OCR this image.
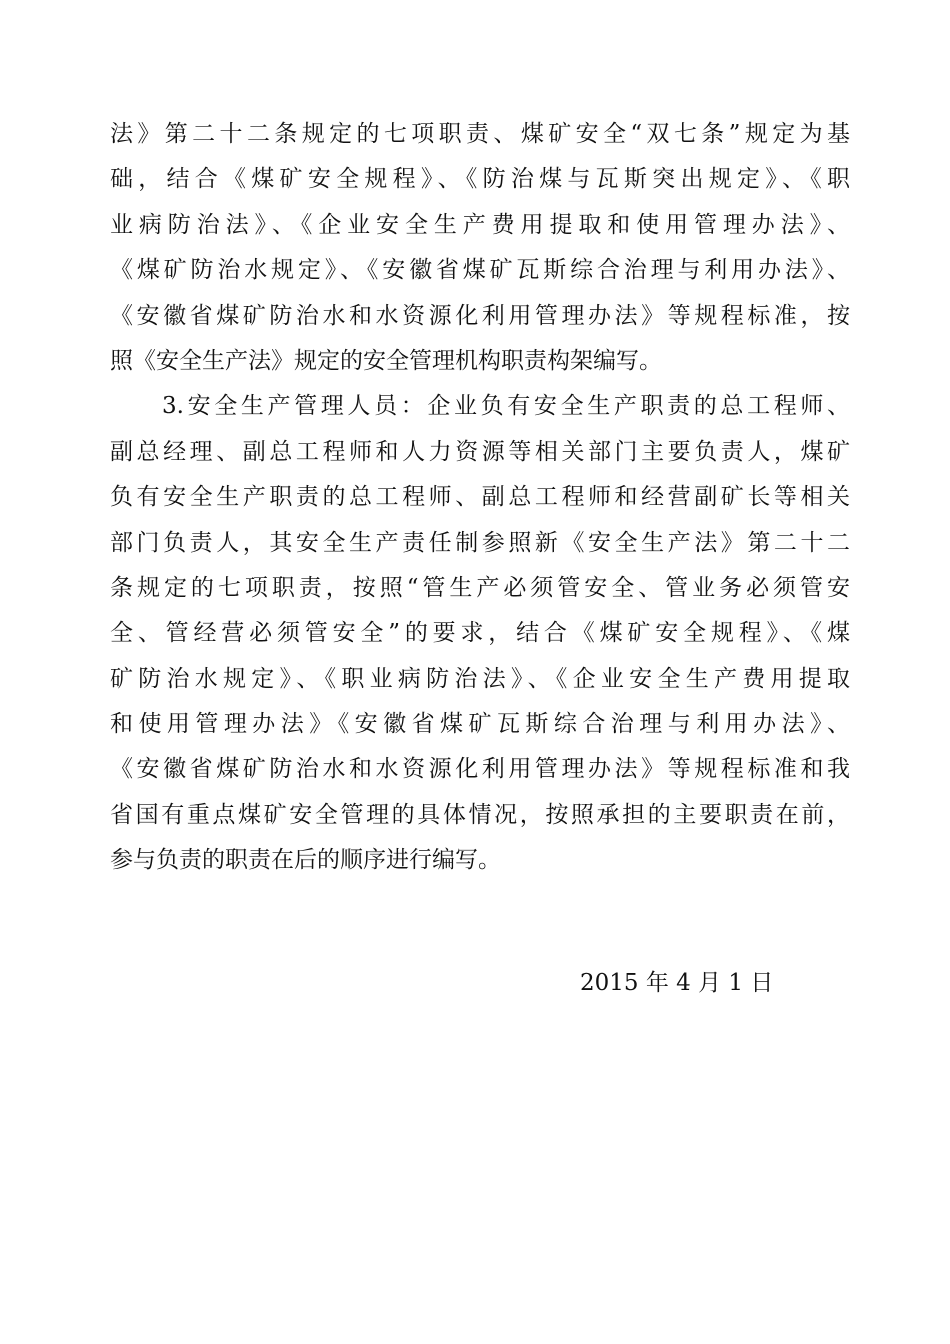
法》第二十二条规定的七项职责、煤矿安全“双七条”规定为基
础，结合《煤矿安全规程》、《防治煤与瓦斯突出规定》、《职
业病防治法》、《企业安全生产费用提取和使用管理办法》、
《煤矿防治水规定》、《安徽省煤矿瓦斯综合治理与利用办法》、
《安徽省煤矿防治水和水资源化利用管理办法》等规程标准，按
照《安全生产法》规定的安全管理机构职责构架编写。
3.安全生产管理人员：企业负有安全生产职责的总工程师、
副总经理、副总工程师和人力资源等相关部门主要负责人，煤矿
负有安全生产职责的总工程师、副总工程师和经营副矿长等相关
部门负责人，其安全生产责任制参照新《安全生产法》第二十二
条规定的七项职责，按照“管生产必须管安全、管业务必须管安
全、管经营必须管安全”的要求，结合《煤矿安全规程》、《煤
矿防治水规定》、《职业病防治法》、《企业安全生产费用提取
和使用管理办法》《安徽省煤矿瓦斯综合治理与利用办法》、
《安徽省煤矿防治水和水资源化利用管理办法》等规程标准和我
省国有重点煤矿安全管理的具体情况，按照承担的主要职责在前，
参与负责的职责在后的顺序进行编写。
2015 年 4 月 1 日
